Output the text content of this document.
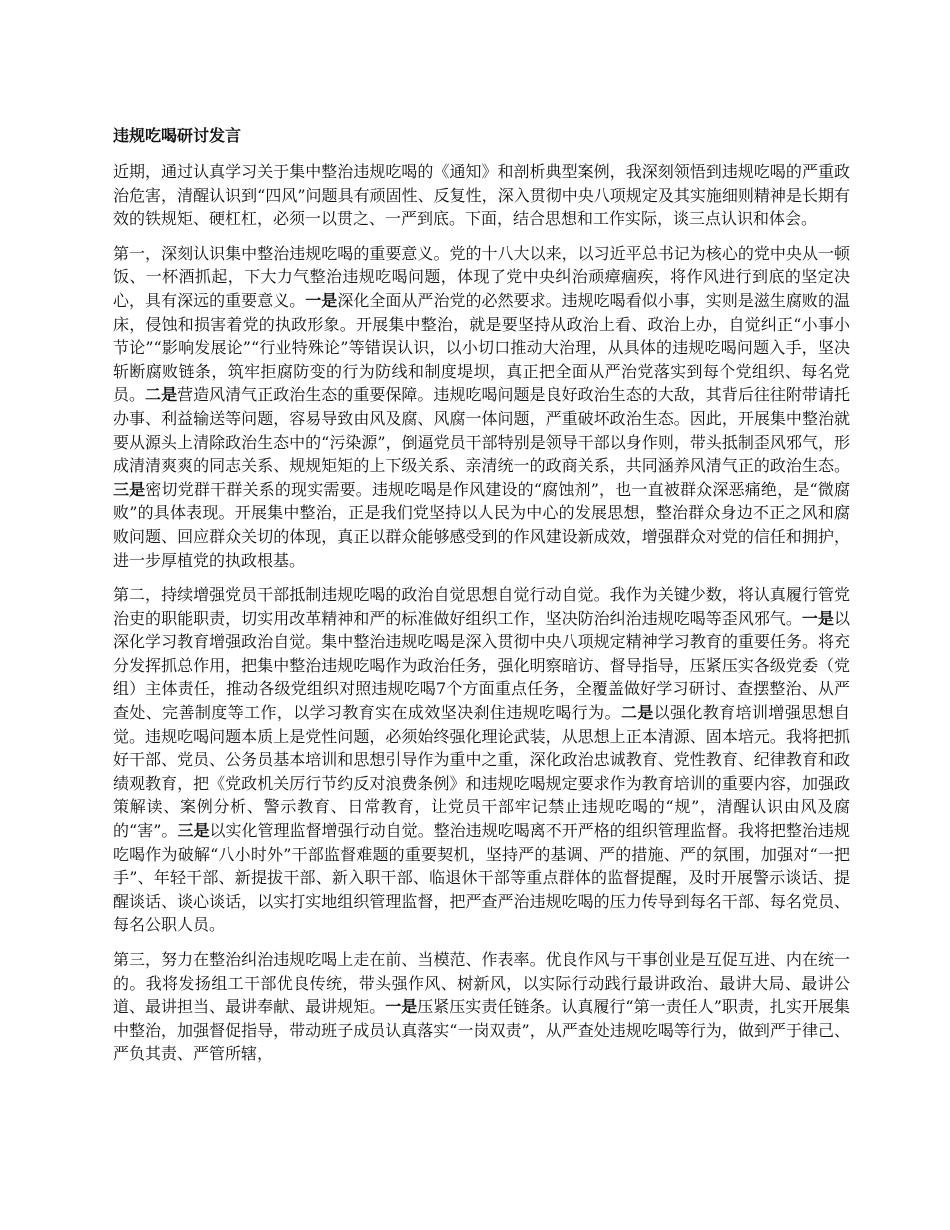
违规吃喝研讨发言

近期，通过认真学习关于集中整治违规吃喝的《通知》和剖析典型案例，我深刻领悟到违规吃喝的严重政治危害，清醒认识到“四风”问题具有顽固性、反复性，深入贯彻中央八项规定及其实施细则精神是长期有效的铁规矩、硬杠杠，必须一以贯之、一严到底。下面，结合思想和工作实际，谈三点认识和体会。

第一，深刻认识集中整治违规吃喝的重要意义。党的十八大以来，以习近平总书记为核心的党中央从一顿饭、一杯酒抓起，下大力气整治违规吃喝问题，体现了党中央纠治顽瘴痼疾，将作风进行到底的坚定决心，具有深远的重要意义。一是深化全面从严治党的必然要求。违规吃喝看似小事，实则是滋生腐败的温床，侵蚀和损害着党的执政形象。开展集中整治，就是要坚持从政治上看、政治上办，自觉纠正“小事小节论”“影响发展论”“行业特殊论”等错误认识，以小切口推动大治理，从具体的违规吃喝问题入手，坚决斩断腐败链条，筑牢拒腐防变的行为防线和制度堤坝，真正把全面从严治党落实到每个党组织、每名党员。二是营造风清气正政治生态的重要保障。违规吃喝问题是良好政治生态的大敌，其背后往往附带请托办事、利益输送等问题，容易导致由风及腐、风腐一体问题，严重破坏政治生态。因此，开展集中整治就要从源头上清除政治生态中的“污染源”，倒逼党员干部特别是领导干部以身作则，带头抵制歪风邪气，形成清清爽爽的同志关系、规规矩矩的上下级关系、亲清统一的政商关系，共同涵养风清气正的政治生态。三是密切党群干群关系的现实需要。违规吃喝是作风建设的“腐蚀剂”，也一直被群众深恶痛绝，是“微腐败”的具体表现。开展集中整治，正是我们党坚持以人民为中心的发展思想，整治群众身边不正之风和腐败问题、回应群众关切的体现，真正以群众能够感受到的作风建设新成效，增强群众对党的信任和拥护，进一步厚植党的执政根基。

第二，持续增强党员干部抵制违规吃喝的政治自觉思想自觉行动自觉。我作为关键少数，将认真履行管党治吏的职能职责，切实用改革精神和严的标准做好组织工作，坚决防治纠治违规吃喝等歪风邪气。一是以深化学习教育增强政治自觉。集中整治违规吃喝是深入贯彻中央八项规定精神学习教育的重要任务。将充分发挥抓总作用，把集中整治违规吃喝作为政治任务，强化明察暗访、督导指导，压紧压实各级党委（党组）主体责任，推动各级党组织对照违规吃喝7个方面重点任务，全覆盖做好学习研讨、查摆整治、从严查处、完善制度等工作，以学习教育实在成效坚决刹住违规吃喝行为。二是以强化教育培训增强思想自觉。违规吃喝问题本质上是党性问题，必须始终强化理论武装，从思想上正本清源、固本培元。我将把抓好干部、党员、公务员基本培训和思想引导作为重中之重，深化政治忠诚教育、党性教育、纪律教育和政绩观教育，把《党政机关厉行节约反对浪费条例》和违规吃喝规定要求作为教育培训的重要内容，加强政策解读、案例分析、警示教育、日常教育，让党员干部牢记禁止违规吃喝的“规”，清醒认识由风及腐的“害”。三是以实化管理监督增强行动自觉。整治违规吃喝离不开严格的组织管理监督。我将把整治违规吃喝作为破解“八小时外”干部监督难题的重要契机，坚持严的基调、严的措施、严的氛围，加强对“一把手”、年轻干部、新提拔干部、新入职干部、临退休干部等重点群体的监督提醒，及时开展警示谈话、提醒谈话、谈心谈话，以实打实地组织管理监督，把严查严治违规吃喝的压力传导到每名干部、每名党员、每名公职人员。

第三，努力在整治纠治违规吃喝上走在前、当模范、作表率。优良作风与干事创业是互促互进、内在统一的。我将发扬组工干部优良传统，带头强作风、树新风，以实际行动践行最讲政治、最讲大局、最讲公道、最讲担当、最讲奉献、最讲规矩。一是压紧压实责任链条。认真履行“第一责任人”职责，扎实开展集中整治，加强督促指导，带动班子成员认真落实“一岗双责”，从严查处违规吃喝等行为，做到严于律己、严负其责、严管所辖，
